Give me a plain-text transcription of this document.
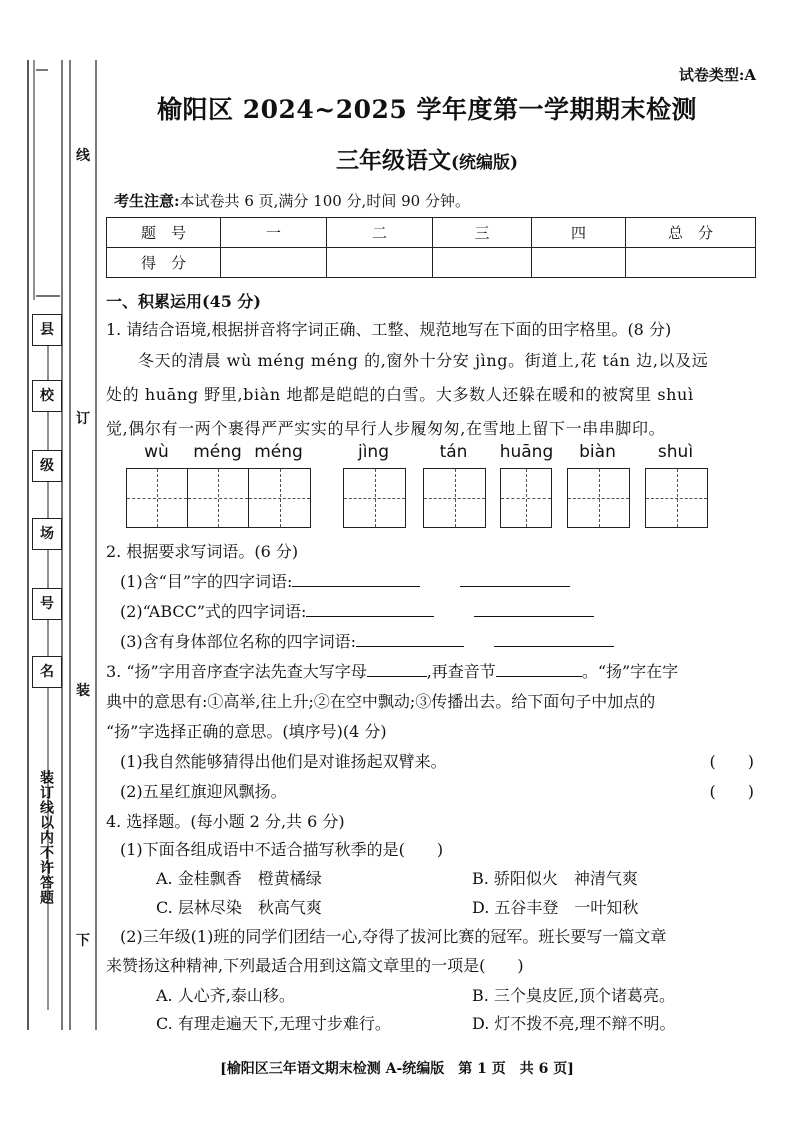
县
校
级
场
号
名
线
订
装
下
装订线以内不许答题
试卷类型:A
榆阳区 2024~2025 学年度第一学期期末检测
三年级语文(统编版)
考生注意:本试卷共 6 页,满分 100 分,时间 90 分钟。
题　号	一	二	三	四	总　分
得　分					
一、积累运用(45 分)
1. 请结合语境,根据拼音将字词正确、工整、规范地写在下面的田字格里。(8 分)
冬天的清晨 wù méng méng 的,窗外十分安 jìng。街道上,花 tán 边,以及远
处的 huāng 野里,biàn 地都是皑皑的白雪。大多数人还躲在暖和的被窝里 shuì
觉,偶尔有一两个裹得严严实实的早行人步履匆匆,在雪地上留下一串串脚印。
wù	méng méng	jìng	tán	huāng	biàn	shuì
2. 根据要求写词语。(6 分)
(1)含“目”字的四字词语:
(2)“ABCC”式的四字词语:
(3)含有身体部位名称的四字词语:
3. “扬”字用音序查字法先查大写字母	,再查音节	。“扬”字在字
典中的意思有:①高举,往上升;②在空中飘动;③传播出去。给下面句子中加点的
“扬”字选择正确的意思。(填序号)(4 分)
(1)我自然能够猜得出他们是对谁扬起双臂来。	(　　)
(2)五星红旗迎风飘扬。	(　　)
4. 选择题。(每小题 2 分,共 6 分)
(1)下面各组成语中不适合描写秋季的是(　　)
A. 金桂飘香　橙黄橘绿	B. 骄阳似火　神清气爽
C. 层林尽染　秋高气爽	D. 五谷丰登　一叶知秋
(2)三年级(1)班的同学们团结一心,夺得了拔河比赛的冠军。班长要写一篇文章
来赞扬这种精神,下列最适合用到这篇文章里的一项是(　　)
A. 人心齐,泰山移。	B. 三个臭皮匠,顶个诸葛亮。
C. 有理走遍天下,无理寸步难行。	D. 灯不拨不亮,理不辩不明。
[榆阳区三年语文期末检测 A-统编版　第 1 页　共 6 页]
